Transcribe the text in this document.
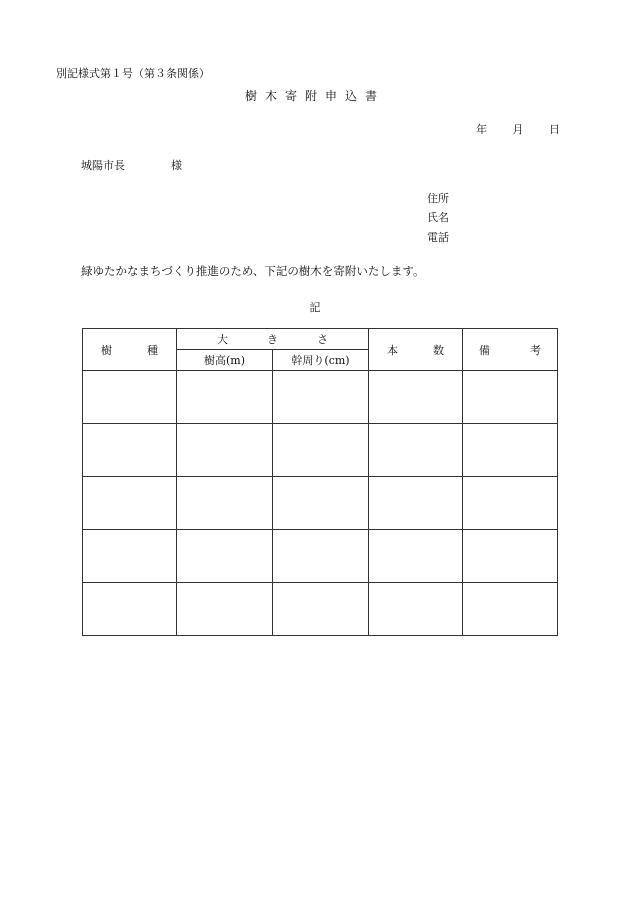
別記様式第１号（第３条関係）
樹木寄附申込書
年 月 日
城陽市長	様
住所
氏名
電話
緑ゆたかなまちづくり推進のため、下記の樹木を寄附いたします。
記
樹 種	大 き さ		本 数	備 考

	樹高(m)	幹周り(cm)		
